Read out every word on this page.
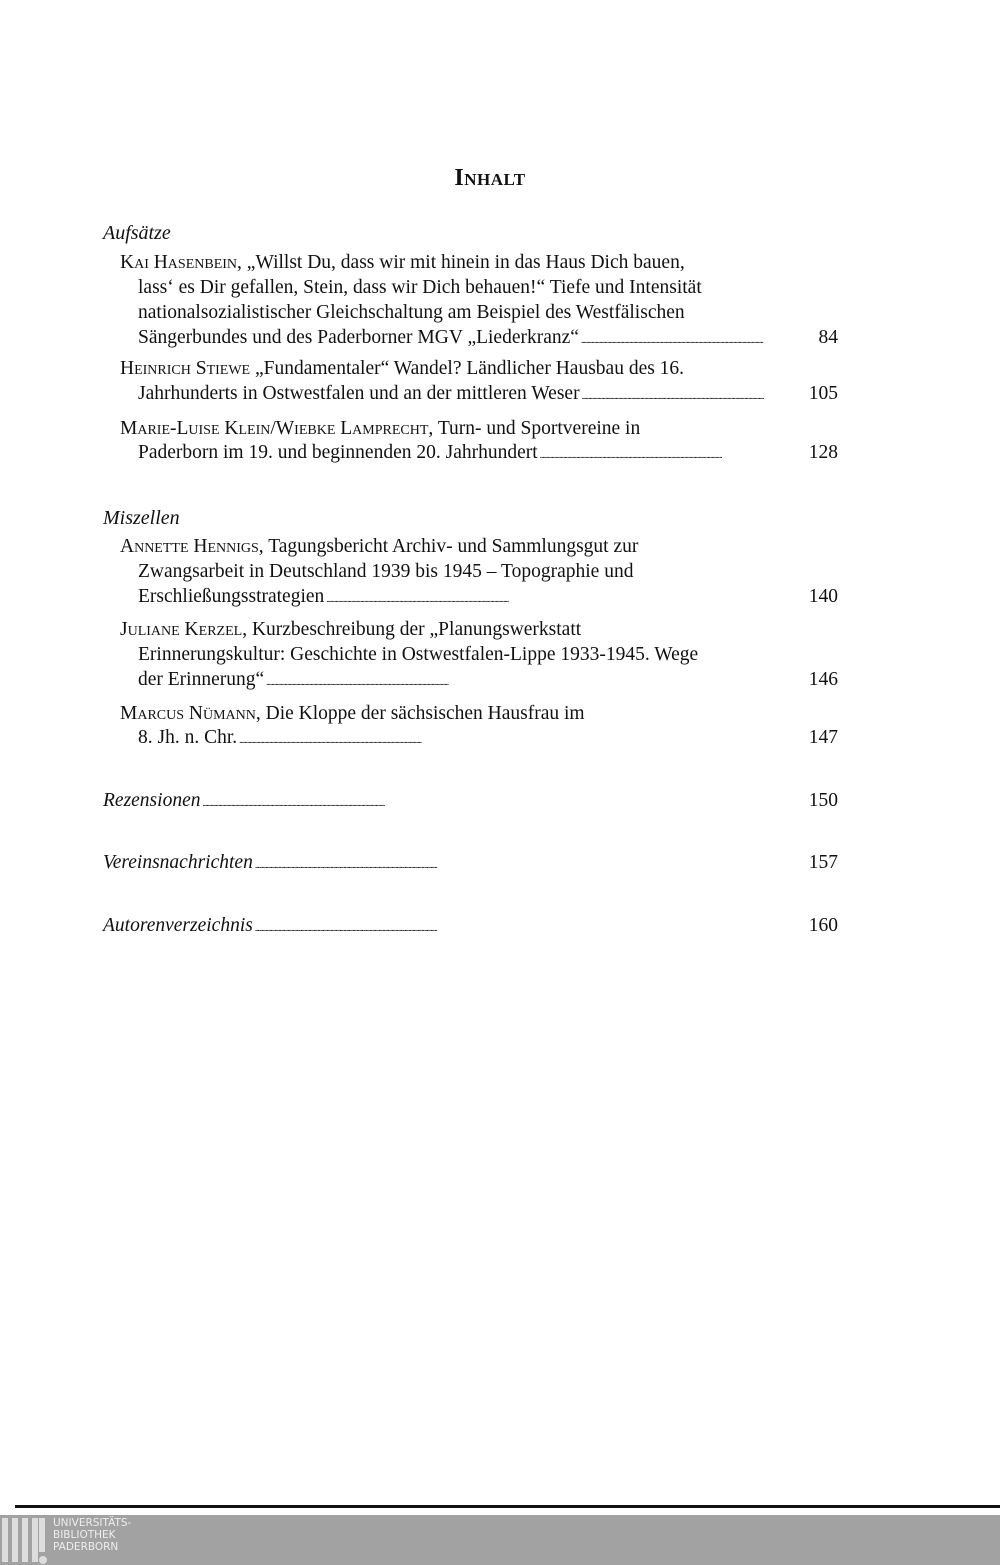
Inhalt
Aufsätze
Kai Hasenbein, „Willst Du, dass wir mit hinein in das Haus Dich bauen,
lass‘ es Dir gefallen, Stein, dass wir Dich behauen!“ Tiefe und Intensität
nationalsozialistischer Gleichschaltung am Beispiel des Westfälischen
Sängerbundes und des Paderborner MGV „Liederkranz“ . . .	84
Heinrich Stiewe „Fundamentaler“ Wandel? Ländlicher Hausbau des 16.
Jahrhunderts in Ostwestfalen und an der mittleren Weser . . .	105
Marie-Luise Klein/Wiebke Lamprecht, Turn- und Sportvereine in
Paderborn im 19. und beginnenden 20. Jahrhundert . . .	128
Miszellen
Annette Hennigs, Tagungsbericht Archiv- und Sammlungsgut zur
Zwangsarbeit in Deutschland 1939 bis 1945 – Topographie und
Erschließungsstrategien . . .	140
Juliane Kerzel, Kurzbeschreibung der „Planungswerkstatt
Erinnerungskultur: Geschichte in Ostwestfalen-Lippe 1933-1945. Wege
der Erinnerung“ . . .	146
Marcus Nümann, Die Kloppe der sächsischen Hausfrau im
8. Jh. n. Chr. . . .	147
Rezensionen . . .	150
Vereinsnachrichten . . .	157
Autorenverzeichnis . . .	160
UNIVERSITÄTS-
BIBLIOTHEK
PADERBORN
